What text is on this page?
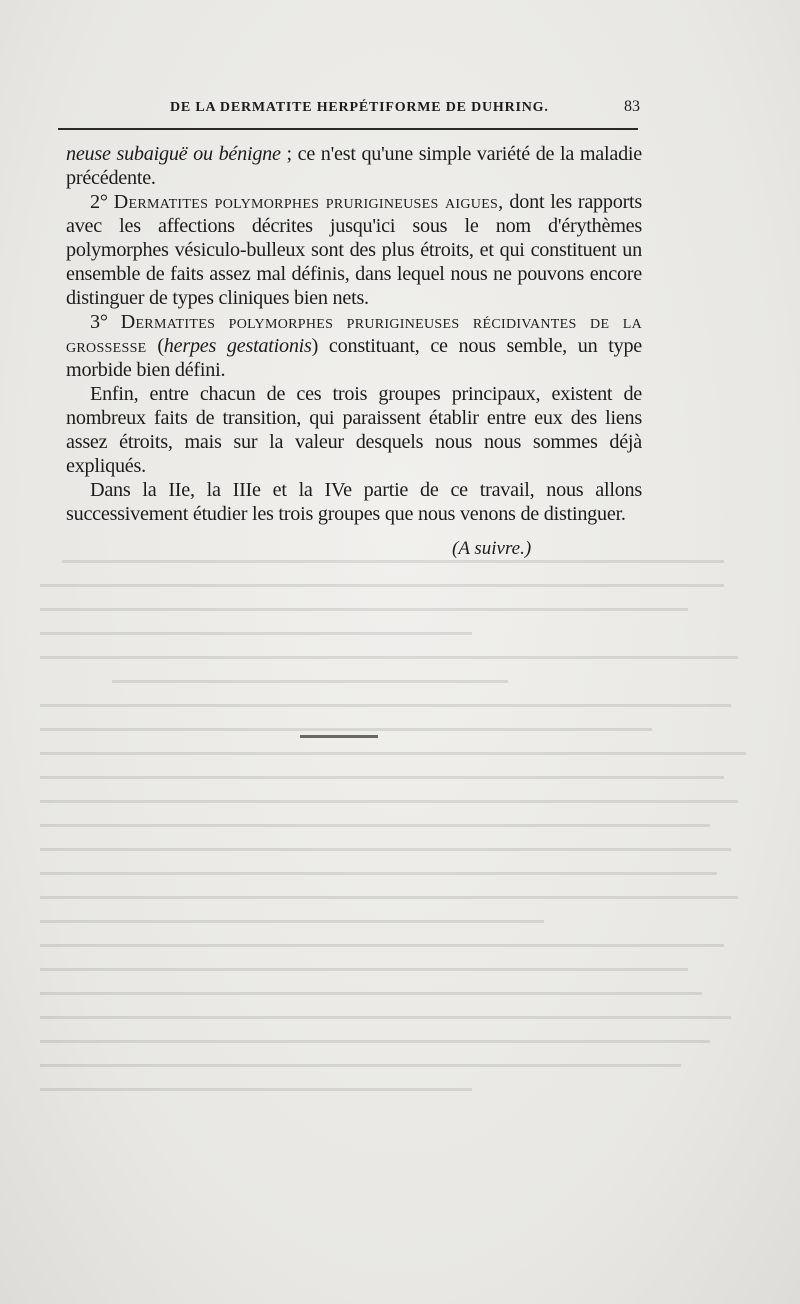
DE LA DERMATITE HERPÉTIFORME DE DUHRING.	83

neuse subaiguë ou bénigne ; ce n'est qu'une simple variété de la maladie précédente.

2° Dermatites polymorphes prurigineuses aigues, dont les rapports avec les affections décrites jusqu'ici sous le nom d'érythèmes polymorphes vésiculo-bulleux sont des plus étroits, et qui constituent un ensemble de faits assez mal définis, dans lequel nous ne pouvons encore distinguer de types cliniques bien nets.

3° Dermatites polymorphes prurigineuses récidivantes de la grossesse (herpes gestationis) constituant, ce nous semble, un type morbide bien défini.

Enfin, entre chacun de ces trois groupes principaux, existent de nombreux faits de transition, qui paraissent établir entre eux des liens assez étroits, mais sur la valeur desquels nous nous sommes déjà expliqués.

Dans la IIe, la IIIe et la IVe partie de ce travail, nous allons successivement étudier les trois groupes que nous venons de distinguer.

(A suivre.)
